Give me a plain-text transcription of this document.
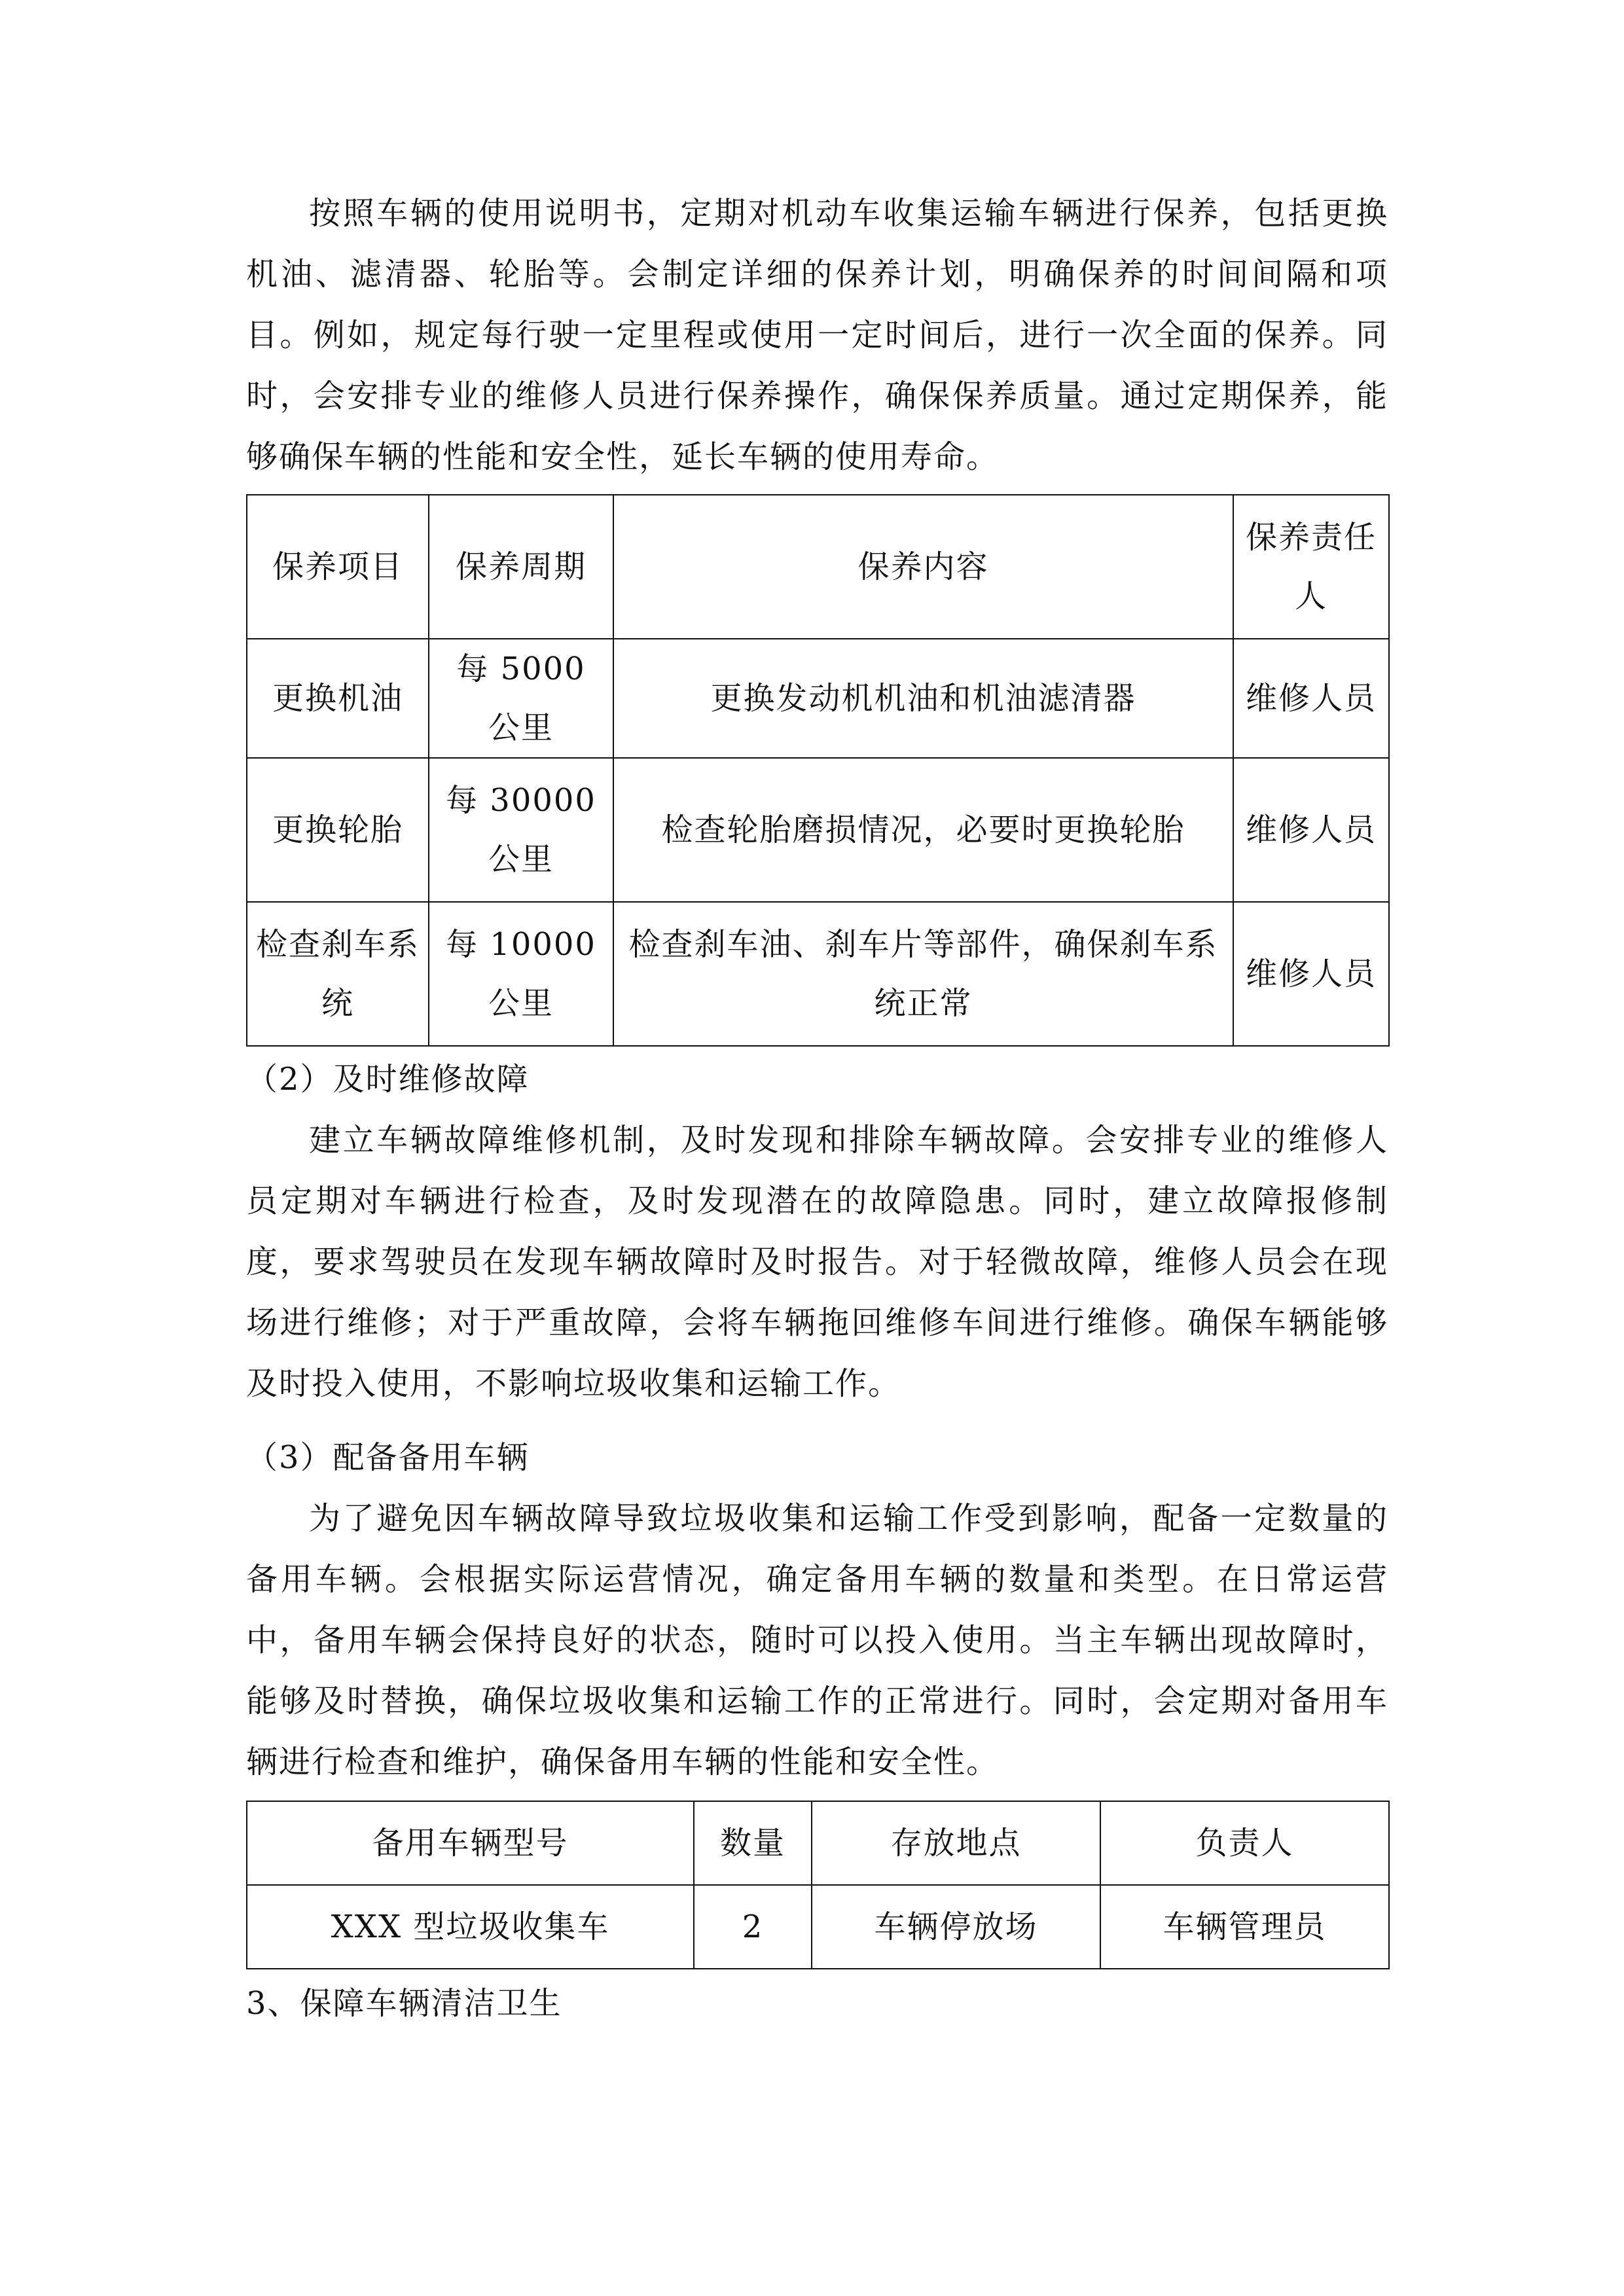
按照车辆的使用说明书，定期对机动车收集运输车辆进行保养，包括更换机油、滤清器、轮胎等。会制定详细的保养计划，明确保养的时间间隔和项目。例如，规定每行驶一定里程或使用一定时间后，进行一次全面的保养。同时，会安排专业的维修人员进行保养操作，确保保养质量。通过定期保养，能够确保车辆的性能和安全性，延长车辆的使用寿命。

保养项目	保养周期	保养内容	保养责任人
更换机油	每 5000 公里	更换发动机机油和机油滤清器	维修人员
更换轮胎	每 30000 公里	检查轮胎磨损情况，必要时更换轮胎	维修人员
检查刹车系统	每 10000 公里	检查刹车油、刹车片等部件，确保刹车系统正常	维修人员
（2）及时维修故障

建立车辆故障维修机制，及时发现和排除车辆故障。会安排专业的维修人员定期对车辆进行检查，及时发现潜在的故障隐患。同时，建立故障报修制度，要求驾驶员在发现车辆故障时及时报告。对于轻微故障，维修人员会在现场进行维修；对于严重故障，会将车辆拖回维修车间进行维修。确保车辆能够及时投入使用，不影响垃圾收集和运输工作。

（3）配备备用车辆

为了避免因车辆故障导致垃圾收集和运输工作受到影响，配备一定数量的备用车辆。会根据实际运营情况，确定备用车辆的数量和类型。在日常运营中，备用车辆会保持良好的状态，随时可以投入使用。当主车辆出现故障时，能够及时替换，确保垃圾收集和运输工作的正常进行。同时，会定期对备用车辆进行检查和维护，确保备用车辆的性能和安全性。

备用车辆型号	数量	存放地点	负责人
XXX 型垃圾收集车	2	车辆停放场	车辆管理员
3、保障车辆清洁卫生
